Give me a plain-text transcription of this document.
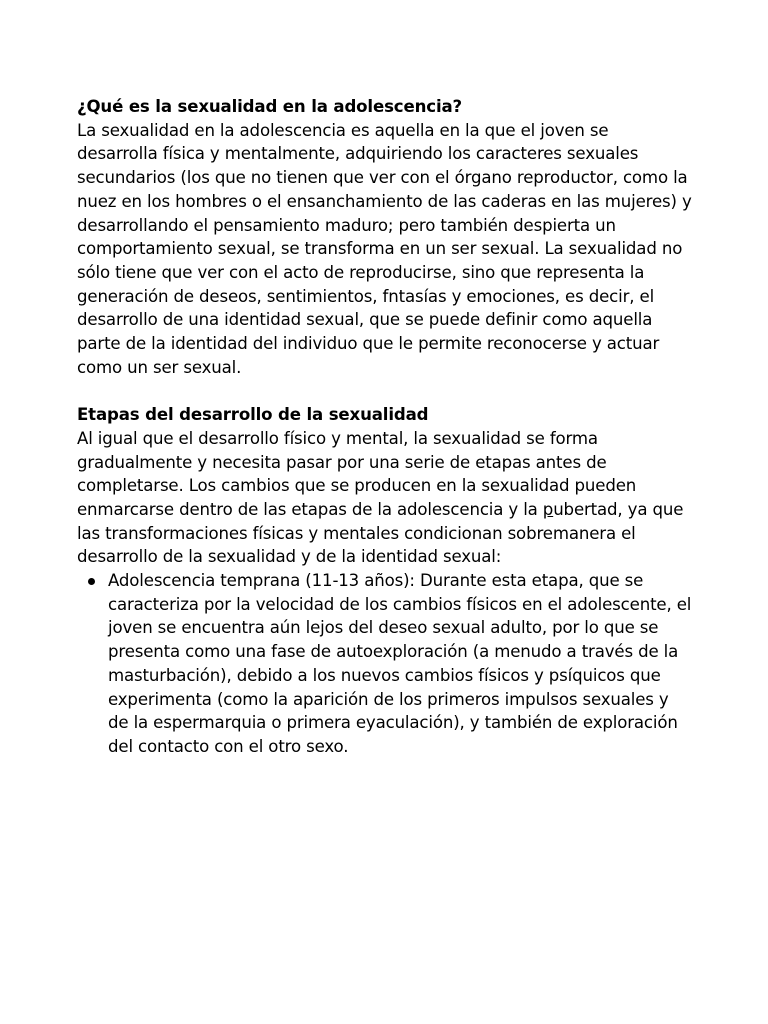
¿Qué es la sexualidad en la adolescencia?

La sexualidad en la adolescencia es aquella en la que el joven se desarrolla física y mentalmente, adquiriendo los caracteres sexuales secundarios (los que no tienen que ver con el órgano reproductor, como la nuez en los hombres o el ensanchamiento de las caderas en las mujeres) y desarrollando el pensamiento maduro; pero también despierta un comportamiento sexual, se transforma en un ser sexual. La sexualidad no sólo tiene que ver con el acto de reproducirse, sino que representa la generación de deseos, sentimientos, fntasías y emociones, es decir, el desarrollo de una identidad sexual, que se puede definir como aquella parte de la identidad del individuo que le permite reconocerse y actuar como un ser sexual.

Etapas del desarrollo de la sexualidad

Al igual que el desarrollo físico y mental, la sexualidad se forma gradualmente y necesita pasar por una serie de etapas antes de completarse. Los cambios que se producen en la sexualidad pueden enmarcarse dentro de las etapas de la adolescencia y la pubertad, ya que las transformaciones físicas y mentales condicionan sobremanera el desarrollo de la sexualidad y de la identidad sexual:

Adolescencia temprana (11-13 años): Durante esta etapa, que se caracteriza por la velocidad de los cambios físicos en el adolescente, el joven se encuentra aún lejos del deseo sexual adulto, por lo que se presenta como una fase de autoexploración (a menudo a través de la masturbación), debido a los nuevos cambios físicos y psíquicos que experimenta (como la aparición de los primeros impulsos sexuales y de la espermarquia o primera eyaculación), y también de exploración del contacto con el otro sexo.
